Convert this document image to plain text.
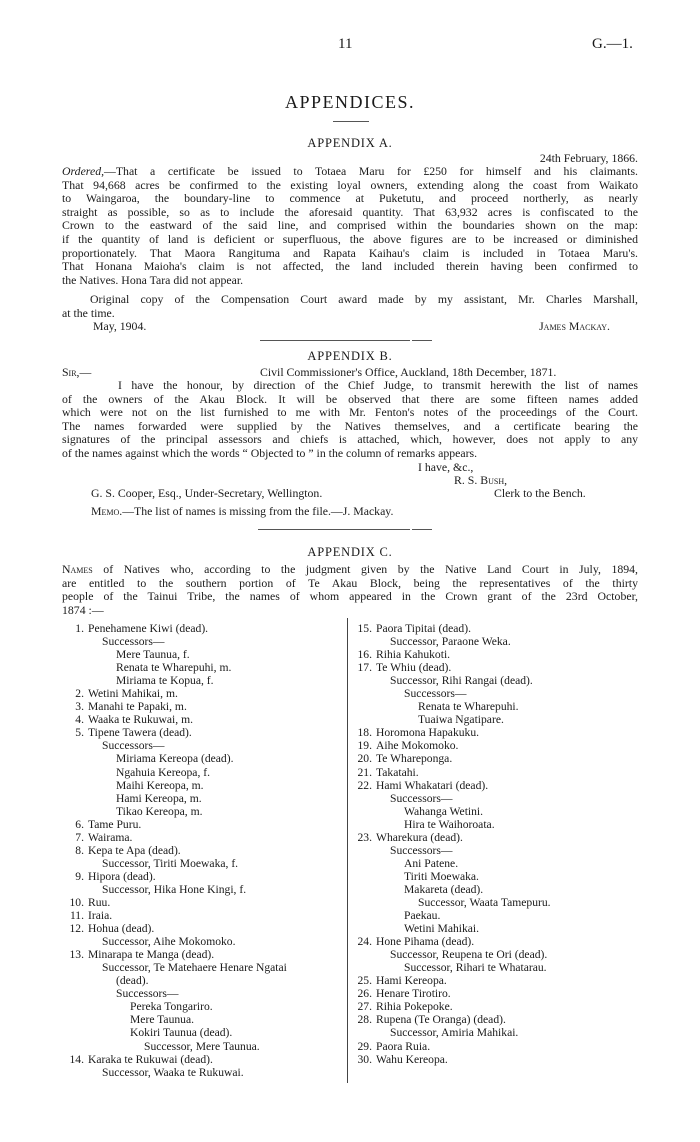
11	G.—1.
APPENDICES.
APPENDIX A.
24th February, 1866.
Ordered,—That a certificate be issued to Totaea Maru for £250 for himself and his claimants.
That 94,668 acres be confirmed to the existing loyal owners, extending along the coast from Waikato
to Waingaroa, the boundary-line to commence at Puketutu, and proceed northerly, as nearly
straight as possible, so as to include the aforesaid quantity. That 63,932 acres is confiscated to the
Crown to the eastward of the said line, and comprised within the boundaries shown on the map:
if the quantity of land is deficient or superfluous, the above figures are to be increased or diminished
proportionately. That Maora Rangituma and Rapata Kaihau's claim is included in Totaea Maru's.
That Honana Maioha's claim is not affected, the land included therein having been confirmed to
the Natives. Hona Tara did not appear.
Original copy of the Compensation Court award made by my assistant, Mr. Charles Marshall,
at the time.
May, 1904.	James Mackay.
APPENDIX B.
Sir,—	Civil Commissioner's Office, Auckland, 18th December, 1871.
I have the honour, by direction of the Chief Judge, to transmit herewith the list of names
of the owners of the Akau Block. It will be observed that there are some fifteen names added
which were not on the list furnished to me with Mr. Fenton's notes of the proceedings of the Court.
The names forwarded were supplied by the Natives themselves, and a certificate bearing the
signatures of the principal assessors and chiefs is attached, which, however, does not apply to any
of the names against which the words “ Objected to ” in the column of remarks appears.
I have, &c.,
R. S. Bush,
G. S. Cooper, Esq., Under-Secretary, Wellington.	Clerk to the Bench.
Memo.—The list of names is missing from the file.—J. Mackay.
APPENDIX C.
Names of Natives who, according to the judgment given by the Native Land Court in July, 1894,
are entitled to the southern portion of Te Akau Block, being the representatives of the thirty
people of the Tainui Tribe, the names of whom appeared in the Crown grant of the 23rd October,
1874 :—
1. Penehamene Kiwi (dead).
Successors—
Mere Taunua, f.
Renata te Wharepuhi, m.
Miriama te Kopua, f.
2. Wetini Mahikai, m.
3. Manahi te Papaki, m.
4. Waaka te Rukuwai, m.
5. Tipene Tawera (dead).
Successors—
Miriama Kereopa (dead).
Ngahuia Kereopa, f.
Maihi Kereopa, m.
Hami Kereopa, m.
Tikao Kereopa, m.
6. Tame Puru.
7. Wairama.
8. Kepa te Apa (dead).
Successor, Tiriti Moewaka, f.
9. Hipora (dead).
Successor, Hika Hone Kingi, f.
10. Ruu.
11. Iraia.
12. Hohua (dead).
Successor, Aihe Mokomoko.
13. Minarapa te Manga (dead).
Successor, Te Matehaere Henare Ngatai
(dead).
Successors—
Pereka Tongariro.
Mere Taunua.
Kokiri Taunua (dead).
Successor, Mere Taunua.
14. Karaka te Rukuwai (dead).
Successor, Waaka te Rukuwai.
15. Paora Tipitai (dead).
Successor, Paraone Weka.
16. Rihia Kahukoti.
17. Te Whiu (dead).
Successor, Rihi Rangai (dead).
Successors—
Renata te Wharepuhi.
Tuaiwa Ngatipare.
18. Horomona Hapakuku.
19. Aihe Mokomoko.
20. Te Whareponga.
21. Takatahi.
22. Hami Whakatari (dead).
Successors—
Wahanga Wetini.
Hira te Waihoroata.
23. Wharekura (dead).
Successors—
Ani Patene.
Tiriti Moewaka.
Makareta (dead).
Successor, Waata Tamepuru.
Paekau.
Wetini Mahikai.
24. Hone Pihama (dead).
Successor, Reupena te Ori (dead).
Successor, Rihari te Whatarau.
25. Hami Kereopa.
26. Henare Tirotiro.
27. Rihia Pokepoke.
28. Rupena (Te Oranga) (dead).
Successor, Amiria Mahikai.
29. Paora Ruia.
30. Wahu Kereopa.
